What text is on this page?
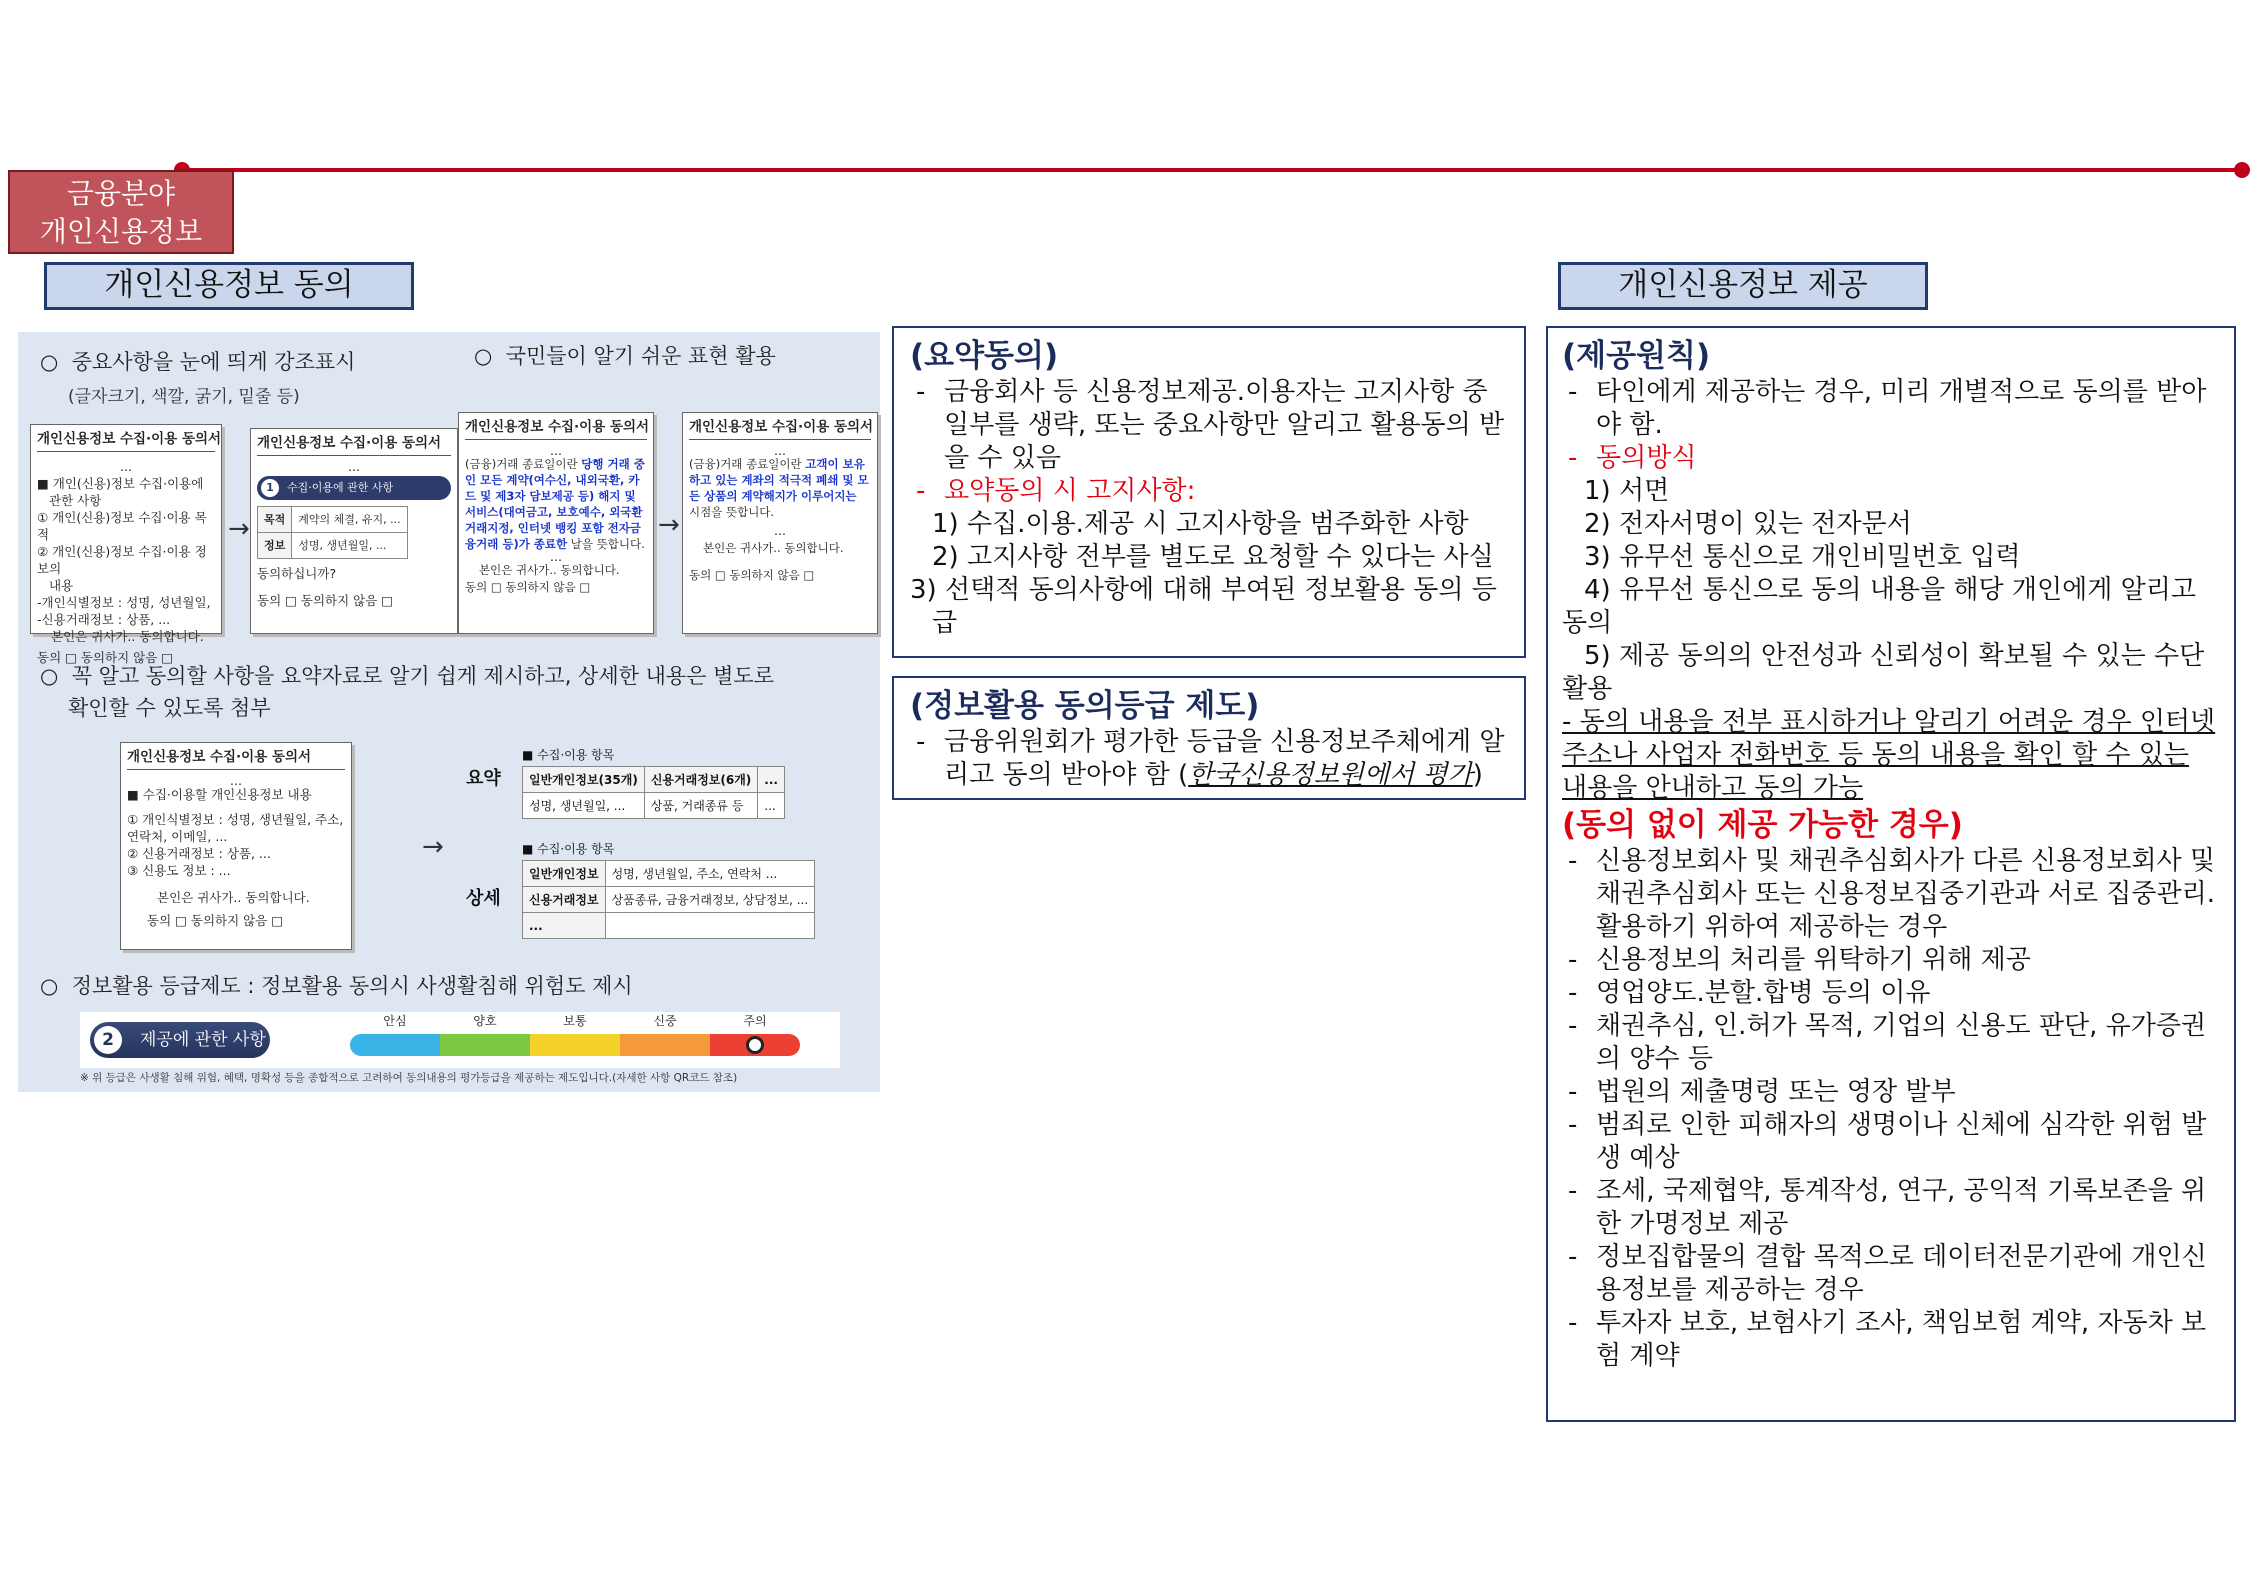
금융분야
개인신용정보
개인신용정보 동의	개인신용정보 제공
○ 중요사항을 눈에 띄게 강조표시
(글자크기, 색깔, 굵기, 밑줄 등)
○ 국민들이 알기 쉬운 표현 활용
개인신용정보 수집·이용 동의서
...
■ 개인(신용)정보 수집·이용에
관한 사항
① 개인(신용)정보 수집·이용 목적
② 개인(신용)정보 수집·이용 정보의
내용
-개인식별정보 : 성명, 성년월일,
-신용거래정보 : 상품, ...
본인은 귀사가.. 동의합니다.
동의 □ 동의하지 않음 □
→
개인신용정보 수집·이용 동의서
...
1	수집·이용에 관한 사항
목적	계약의 체결, 유지, ...
정보	성명, 생년월일, ...
동의하십니까?
동의 □ 동의하지 않음 □
개인신용정보 수집·이용 동의서
...
(금융)거래 종료일이란 당행 거래 중인 모든 계약(여수신, 내외국환, 카드 및 제3자 담보제공 등) 해지 및 서비스(대여금고, 보호예수, 외국환거래지정, 인터넷 뱅킹 포함 전자금융거래 등)가 종료한 날을 뜻합니다.
...
본인은 귀사가.. 동의합니다.
동의 □ 동의하지 않음 □
→
개인신용정보 수집·이용 동의서
...
(금융)거래 종료일이란 고객이 보유하고 있는 계좌의 적극적 폐쇄 및 모든 상품의 계약해지가 이루어지는 시점을 뜻합니다.
...
본인은 귀사가.. 동의합니다.
동의 □ 동의하지 않음 □
○ 꼭 알고 동의할 사항을 요약자료로 알기 쉽게 제시하고, 상세한 내용은 별도로
확인할 수 있도록 첨부
개인신용정보 수집·이용 동의서
...
■ 수집·이용할 개인신용정보 내용
① 개인식별정보 : 성명, 생년월일, 주소, 연락처, 이메일, ...
② 신용거래정보 : 상품, ...
③ 신용도 정보 : ...
본인은 귀사가.. 동의합니다.
동의 □ 동의하지 않음 □
→
요약
상세
■ 수집·이용 항목
일반개인정보(35개)	신용거래정보(6개)	...
성명, 생년월일, ...	상품, 거래종류 등	...
■ 수집·이용 항목
일반개인정보	성명, 생년월일, 주소, 연락처 ...
신용거래정보	상품종류, 금융거래정보, 상담정보, ...
...	
○ 정보활용 등급제도 : 정보활용 동의시 사생활침해 위험도 제시
2	제공에 관한 사항
안심	양호	보통	신중	주의
※ 위 등급은 사생활 침해 위험, 혜택, 명확성 등을 종합적으로 고려하여 동의내용의 평가등급을 제공하는 제도입니다.(자세한 사항 QR코드 참조)
(요약동의)
- 금융회사 등 신용정보제공.이용자는 고지사항 중 일부를 생략, 또는 중요사항만 알리고 활용동의 받을 수 있음
- 요약동의 시 고지사항:
1) 수집.이용.제공 시 고지사항을 범주화한 사항
2) 고지사항 전부를 별도로 요청할 수 있다는 사실
3) 선택적 동의사항에 대해 부여된 정보활용 동의 등급
(정보활용 동의등급 제도)
- 금융위원회가 평가한 등급을 신용정보주체에게 알리고 동의 받아야 함 (한국신용정보원에서 평가)
(제공원칙)
- 타인에게 제공하는 경우, 미리 개별적으로 동의를 받아야 함.
- 동의방식
1) 서면
2) 전자서명이 있는 전자문서
3) 유무선 통신으로 개인비밀번호 입력
4) 유무선 통신으로 동의 내용을 해당 개인에게 알리고 동의
5) 제공 동의의 안전성과 신뢰성이 확보될 수 있는 수단 활용
- 동의 내용을 전부 표시하거나 알리기 어려운 경우 인터넷 주소나 사업자 전화번호 등 동의 내용을 확인 할 수 있는 내용을 안내하고 동의 가능
(동의 없이 제공 가능한 경우)
- 신용정보회사 및 채권추심회사가 다른 신용정보회사 및 채권추심회사 또는 신용정보집중기관과 서로 집중관리.활용하기 위하여 제공하는 경우
- 신용정보의 처리를 위탁하기 위해 제공
- 영업양도.분할.합병 등의 이유
- 채권추심, 인.허가 목적, 기업의 신용도 판단, 유가증권의 양수 등
- 법원의 제출명령 또는 영장 발부
- 범죄로 인한 피해자의 생명이나 신체에 심각한 위험 발생 예상
- 조세, 국제협약, 통계작성, 연구, 공익적 기록보존을 위한 가명정보 제공
- 정보집합물의 결합 목적으로 데이터전문기관에 개인신용정보를 제공하는 경우
- 투자자 보호, 보험사기 조사, 책임보험 계약, 자동차 보험 계약
